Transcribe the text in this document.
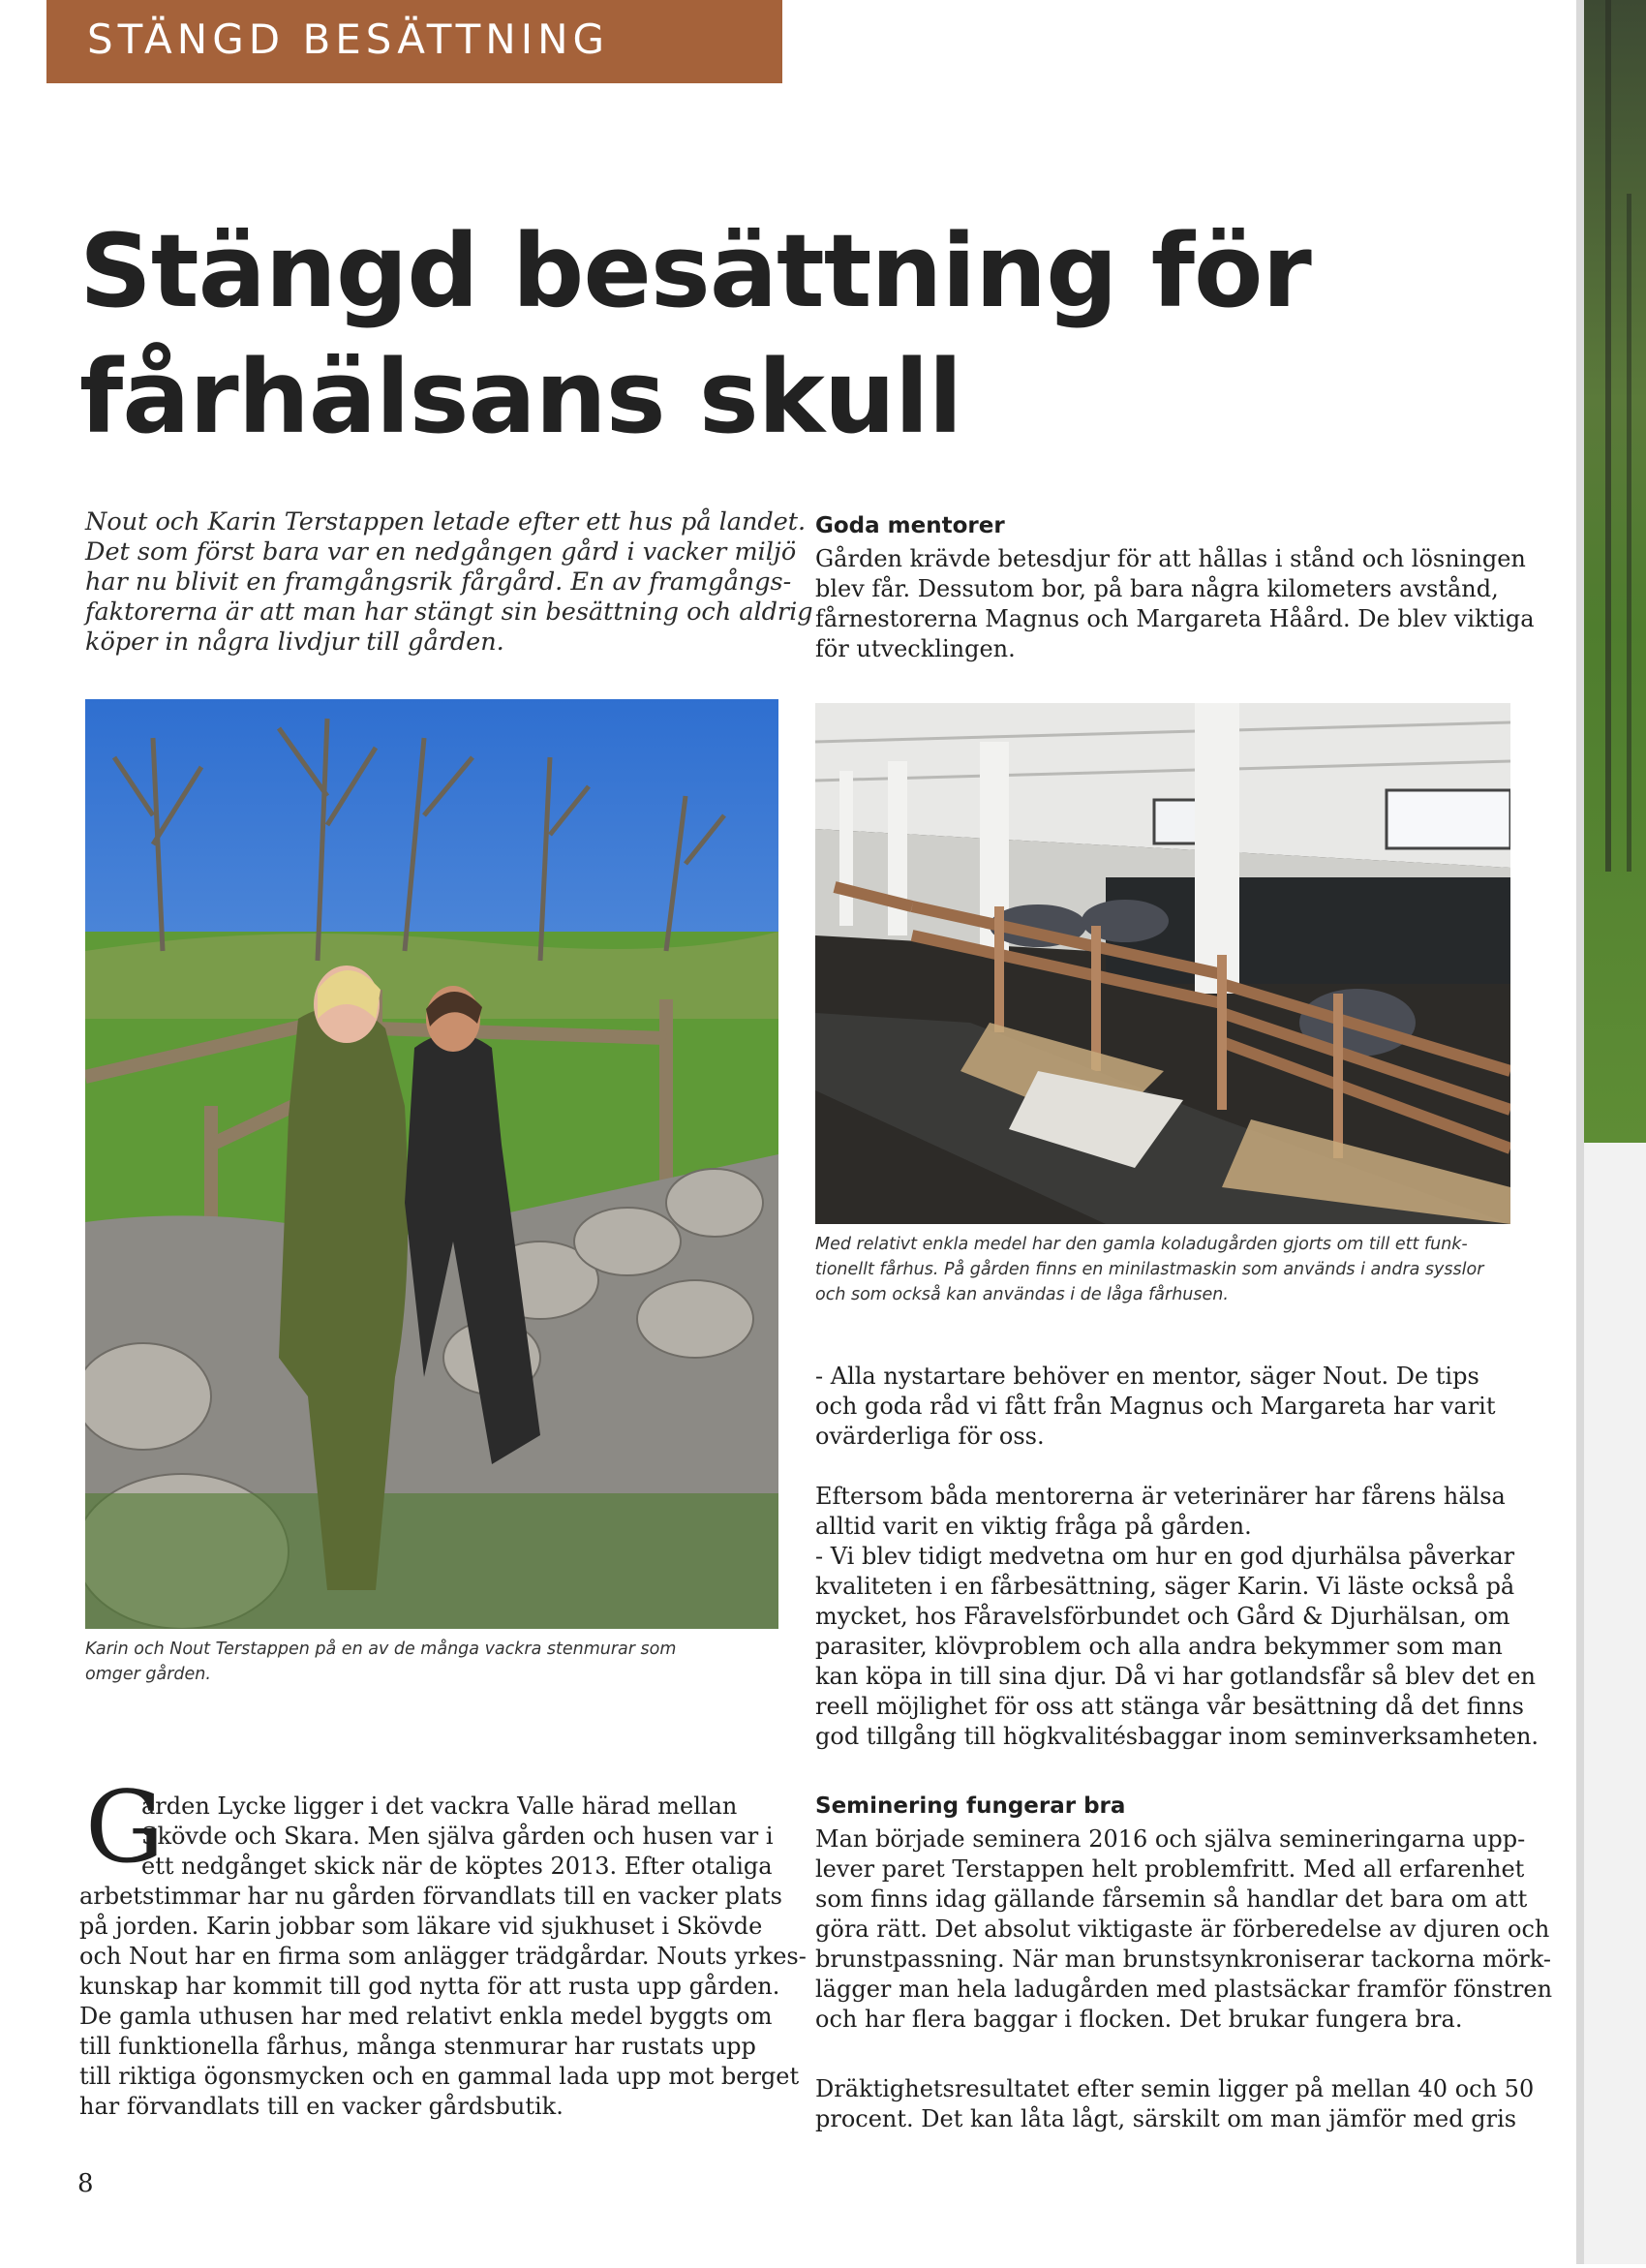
STÄNGD BESÄTTNING
Stängd besättning för
fårhälsans skull
Nout och Karin Terstappen letade efter ett hus på landet.
Det som först bara var en nedgången gård i vacker miljö
har nu blivit en framgångsrik fårgård. En av framgångs-
faktorerna är att man har stängt sin besättning och aldrig
köper in några livdjur till gården.
Goda mentorer
Gården krävde betesdjur för att hållas i stånd och lösningen
blev får. Dessutom bor, på bara några kilometers avstånd,
fårnestorerna Magnus och Margareta Håård. De blev viktiga
för utvecklingen.
Karin och Nout Terstappen på en av de många vackra stenmurar som
omger gården.
Med relativt enkla medel har den gamla koladugården gjorts om till ett funk-
tionellt fårhus. På gården finns en minilastmaskin som används i andra sysslor
och som också kan användas i de låga fårhusen.
G
ården Lycke ligger i det vackra Valle härad mellan
Skövde och Skara. Men själva gården och husen var i
ett nedgånget skick när de köptes 2013. Efter otaliga
arbetstimmar har nu gården förvandlats till en vacker plats
på jorden. Karin jobbar som läkare vid sjukhuset i Skövde
och Nout har en firma som anlägger trädgårdar. Nouts yrkes-
kunskap har kommit till god nytta för att rusta upp gården.
De gamla uthusen har med relativt enkla medel byggts om
till funktionella fårhus, många stenmurar har rustats upp
till riktiga ögonsmycken och en gammal lada upp mot berget
har förvandlats till en vacker gårdsbutik.
- Alla nystartare behöver en mentor, säger Nout. De tips
och goda råd vi fått från Magnus och Margareta har varit
ovärderliga för oss.
Eftersom båda mentorerna är veterinärer har fårens hälsa
alltid varit en viktig fråga på gården.
- Vi blev tidigt medvetna om hur en god djurhälsa påverkar
kvaliteten i en fårbesättning, säger Karin. Vi läste också på
mycket, hos Fåravelsförbundet och Gård & Djurhälsan, om
parasiter, klövproblem och alla andra bekymmer som man
kan köpa in till sina djur. Då vi har gotlandsfår så blev det en
reell möjlighet för oss att stänga vår besättning då det finns
god tillgång till högkvalitésbaggar inom seminverksamheten.
Seminering fungerar bra
Man började seminera 2016 och själva semineringarna upp-
lever paret Terstappen helt problemfritt. Med all erfarenhet
som finns idag gällande fårsemin så handlar det bara om att
göra rätt. Det absolut viktigaste är förberedelse av djuren och
brunstpassning. När man brunstsynkroniserar tackorna mörk-
lägger man hela ladugården med plastsäckar framför fönstren
och har flera baggar i flocken. Det brukar fungera bra.
Dräktighetsresultatet efter semin ligger på mellan 40 och 50
procent. Det kan låta lågt, särskilt om man jämför med gris
8
